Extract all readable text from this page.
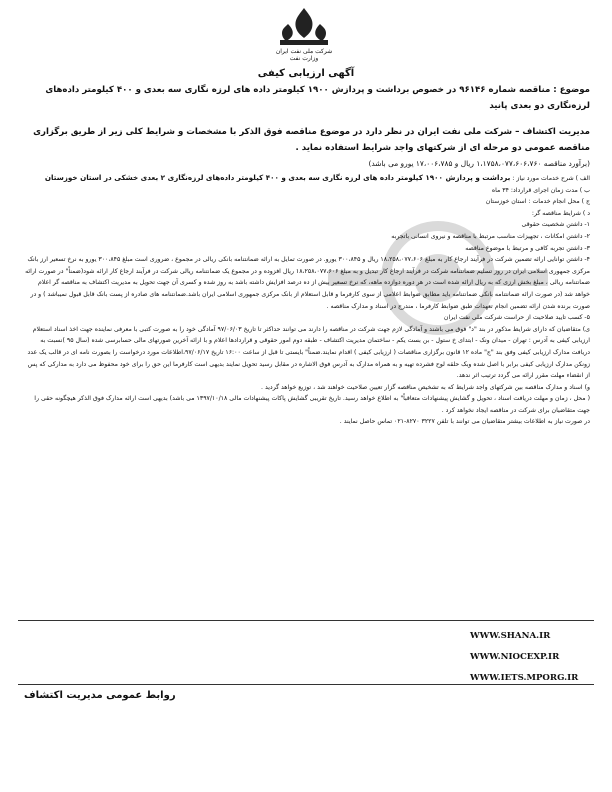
شرکت ملی نفت ایران
وزارت نفت
آگهی ارزیابی کیفی
موضوع : مناقصه شماره ۹۶۱۴۶ در خصوص برداشت و پردازش ۱۹۰۰ کیلومتر داده های لرزه نگاری سه بعدی و ۴۰۰ کیلومتر داده‌های لرزه‌نگاری دو بعدی پانید
مدیریت اکتشاف – شرکت ملی نفت ایران در نظر دارد در موضوع مناقصه فوق الذکر با مشخصات و شرایط کلی زیر از طریق برگزاری مناقصه عمومی دو مرحله ای از شرکتهای واجد شرایط استفاده نماید .
(برآورد مناقصه ۱،۱۷۵۸،۰۷۷،۶۰۶،۷۶۰ ریال و ۱۷،۰۰۶،۷۸۵ یورو می باشد)

الف ) شرح خدمات مورد نیاز : برداشت و پردازش ۱۹۰۰ کیلومتر داده های لرزه نگاری سه بعدی و ۴۰۰ کیلومتر داده‌های لرزه‌نگاری ۲ بعدی خشکی در استان خوزستان

ب ) مدت زمان اجرای قرارداد: ۳۴ ماه

ج ) محل انجام خدمات : استان خوزستان

د ) شرایط مناقصه گر:

۱- داشتن شخصیت حقوقی

۲- داشتن امکانات ، تجهیزات مناسب مرتبط با مناقصه و نیروی انسانی باتجربه

۳- داشتن تجربه کافی و مرتبط با موضوع مناقصه

۴- داشتن توانایی ارائه تضمین شرکت در فرآیند ارجاع کار به مبلغ ۱۸،۲۵۸،۰۷۷،۶۰۶ ریال و ۳۰۰،۸۴۵ یورو. در صورت تمایل به ارائه ضمانتنامه بانکی ریالی در مجموع ، ضروری است مبلغ ۳۰۰،۸۴۵ یورو به نرخ تسعیر ارز بانک مرکزی جمهوری اسلامی ایران در روز تسلیم ضمانتنامه شرکت در فرآیند ارجاع کار تبدیل و به مبلغ ۱۸،۲۵۸،۰۷۷،۶۰۶ ریال افزوده و در مجموع یک ضمانتنامه ریالی شرکت در فرآیند ارجاع کار ارائه شود(ضمناً" در صورت ارائه ضمانتنامه ریالی ، مبلغ بخش ارزی که به ریال ارائه شده است در هر دوره دوازده ماهه، که نرخ تسعیر بیش از ده درصد افزایش داشته باشد به روز شده و کسری آن جهت تحویل به مدیریت اکتشاف به مناقصه گر اعلام خواهد شد (در صورت ارائه ضمانتنامه بانکی ضمانتنامه باید مطابق ضوابط اعلامی از سوی کارفرما و قابل استعلام از بانک مرکزی جمهوری اسلامی ایران باشد.ضمانتنامه های صادره از پست بانک قابل قبول نمیباشد ) و در صورت برنده شدن ارائه تضمین انجام تعهدات طبق ضوابط کارفرما ، مندرج در اسناد و مدارک مناقصه .

۵- کسب تایید صلاحیت از حراست شرکت ملی نفت ایران

ی) متقاضیان که دارای شرایط مذکور در بند "د" فوق می باشند و آمادگی لازم جهت شرکت در مناقصه را دارند می توانند حداکثر تا تاریخ ۹۷/۰۶/۰۳ آمادگی خود را به صورت کتبی با معرفی نماینده جهت اخذ اسناد استعلام ارزیابی کیفی به آدرس : تهران - میدان ونک - ابتدای خ ستول - بن بست یکم - ساختمان مدیریت اکتشاف - طبقه دوم امور حقوقی و قراردادها اعلام و با ارائه آخرین صورتهای مالی حسابرسی شده (سال ۹۵ )نسبت به دریافت مدارک ارزیابی کیفی وفق بند "ج" ماده ۱۲ قانون برگزاری مناقصات ( ارزیابی کیفی ) اقدام نمایند.ضمناً" بایستی تا قبل از ساعت ۱۶:۰۰ تاریخ ۹۷/۰۶/۱۷،اطلاعات مورد درخواست را بصورت نامه ای در قالب یک عدد زونکن مدارک ارزیابی کیفی برابر با اصل شده وبک حلقه لوح فشرده تهیه و به همراه مدارک به آدرس فوق الاشاره در مقابل رسید تحویل نمایند بدیهی است کارفرما این حق را برای خود محفوظ می دارد به مدارکی که پس از انقضاء مهلت مقرر ارائه می گردد ترتیب اثر ندهد.

و) اسناد و مدارک مناقصه بین شرکتهای واجد شرایط که به تشخیص مناقصه گزار تعیین صلاحیت خواهند شد ، توزیع خواهد گردید .

( محل ، زمان و مهلت دریافت اسناد ، تحویل و گشایش پیشنهادات متعاقباً" به اطلاع خواهد رسید. تاریخ تقریبی گشایش پاکات پیشنهادات مالی ۱۳۹۷/۱۰/۱۸ می باشد) بدیهی است ارائه مدارک فوق الذکر هیچگونه حقی را جهت متقاضیان برای شرکت در مناقصه ایجاد نخواهد کرد .

در صورت نیاز به اطلاعات بیشتر متقاضیان می توانند با تلفن ۳۲۲۷ ۸۲۷۰-۰۲۱ تماس حاصل نمایند .

WWW.SHANA.IR
WWW.NIOCEXP.IR
WWW.IETS.MPORG.IR
روابط عمومی مدیریت اکتشاف
